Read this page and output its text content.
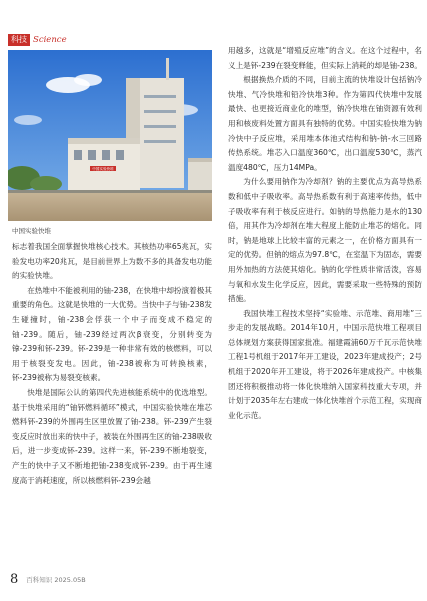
科技 Science
中国实验快堆
中国实验快堆

标志着我国全面掌握快堆核心技术。其核热功率65兆瓦，实验发电功率20兆瓦，是目前世界上为数不多的具备发电功能的实验快堆。

在热堆中不能被利用的铀-238，在快堆中却扮演着极其重要的角色。这就是快堆的一大优势。当快中子与铀-238发生碰撞时，铀-238会俘获一个中子而变成不稳定的铀-239。随后，铀-239经过两次β衰变，分别转变为镎-239和钚-239。钚-239是一种非常有效的核燃料，可以用于核裂变发电。因此，铀-238被称为可转换核素，钚-239被称为易裂变核素。

快堆是国际公认的第四代先进核能系统中的优选堆型。基于快堆采用的“铀钚燃料循环”模式，中国实验快堆在堆芯燃料钚-239的外围再生区里放置了铀-238。钚-239产生裂变反应时放出来的快中子，被装在外围再生区的铀-238吸收后，进一步变成钚-239。这样一来，钚-239不断地裂变，产生的快中子又不断地把铀-238变成钚-239。由于再生速度高于消耗速度，所以核燃料钚-239会越

用越多，这就是“增殖反应堆”的含义。在这个过程中，名义上是钚-239在裂变释能，但实际上消耗的却是铀-238。

根据换热介质的不同，目前主流的快堆设计包括钠冷快堆、气冷快堆和铅冷快堆3种。作为第四代快堆中发展最快、也更接近商业化的堆型，钠冷快堆在铀资源有效利用和核废料处置方面具有独特的优势。中国实验快堆为钠冷快中子反应堆，采用堆本体池式结构和钠-钠-水三回路传热系统。堆芯入口温度360℃，出口温度530℃，蒸汽温度480℃，压力14MPa。

为什么要用钠作为冷却剂？钠的主要优点为高导热系数和低中子吸收率。高导热系数有利于高速率传热，低中子吸收率有利于核反应进行。如钠的导热能力是水的130倍，用其作为冷却剂在堆大程度上能防止堆芯的熔化。同时，钠是地球上比较丰富的元素之一，在价格方面具有一定的优势。但钠的熔点为97.8℃，在室温下为固态，需要用外加热的方法使其熔化。钠的化学性质非常活泼，容易与氧和水发生化学反应，因此，需要采取一些特殊的预防措施。

我国快堆工程技术坚持“实验堆、示范堆、商用堆”三步走的发展战略。2014年10月，中国示范快堆工程项目总体规划方案获得国家批准。福建霞浦60万千瓦示范快堆工程1号机组于2017年开工建设，2023年建成投产；2号机组于2020年开工建设，将于2026年建成投产。中核集团还将积极推动将一体化快堆纳入国家科技重大专项，并计划于2035年左右建成一体化快堆首个示范工程，实现商业化示范。

8 百科知识 2025.05B
